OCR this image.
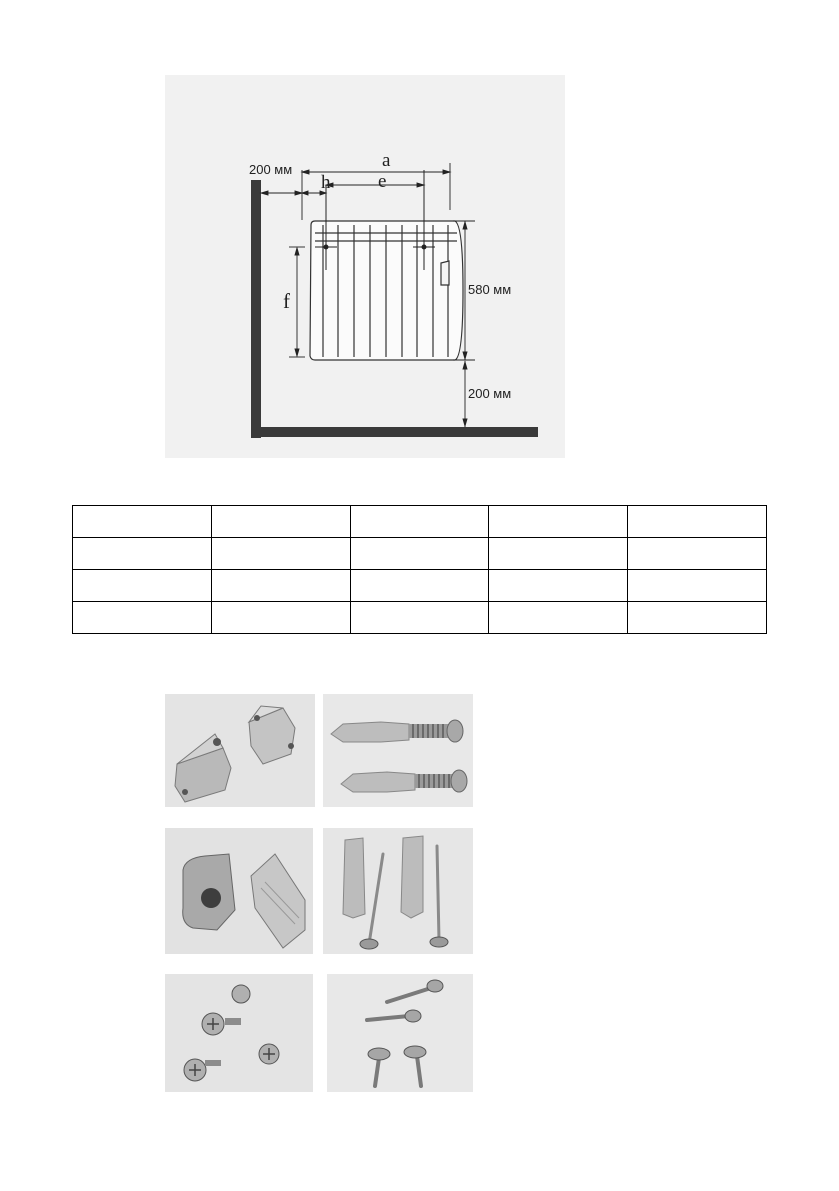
a
e
h
f
200 мм
580 мм
200 мм
